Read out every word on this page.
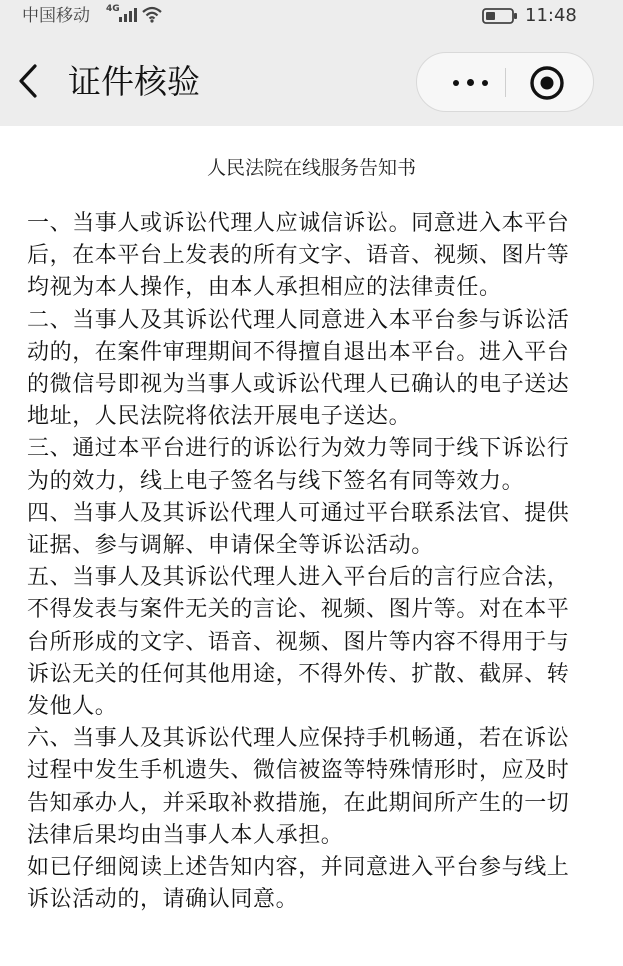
中国移动 4G	11:48
证件核验
人民法院在线服务告知书

一、当事人或诉讼代理人应诚信诉讼。同意进入本平台后，在本平台上发表的所有文字、语音、视频、图片等均视为本人操作，由本人承担相应的法律责任。

二、当事人及其诉讼代理人同意进入本平台参与诉讼活动的，在案件审理期间不得擅自退出本平台。进入平台的微信号即视为当事人或诉讼代理人已确认的电子送达地址，人民法院将依法开展电子送达。

三、通过本平台进行的诉讼行为效力等同于线下诉讼行为的效力，线上电子签名与线下签名有同等效力。

四、当事人及其诉讼代理人可通过平台联系法官、提供证据、参与调解、申请保全等诉讼活动。

五、当事人及其诉讼代理人进入平台后的言行应合法，不得发表与案件无关的言论、视频、图片等。对在本平台所形成的文字、语音、视频、图片等内容不得用于与诉讼无关的任何其他用途，不得外传、扩散、截屏、转发他人。

六、当事人及其诉讼代理人应保持手机畅通，若在诉讼过程中发生手机遗失、微信被盗等特殊情形时，应及时告知承办人，并采取补救措施，在此期间所产生的一切法律后果均由当事人本人承担。

如已仔细阅读上述告知内容，并同意进入平台参与线上诉讼活动的，请确认同意。
